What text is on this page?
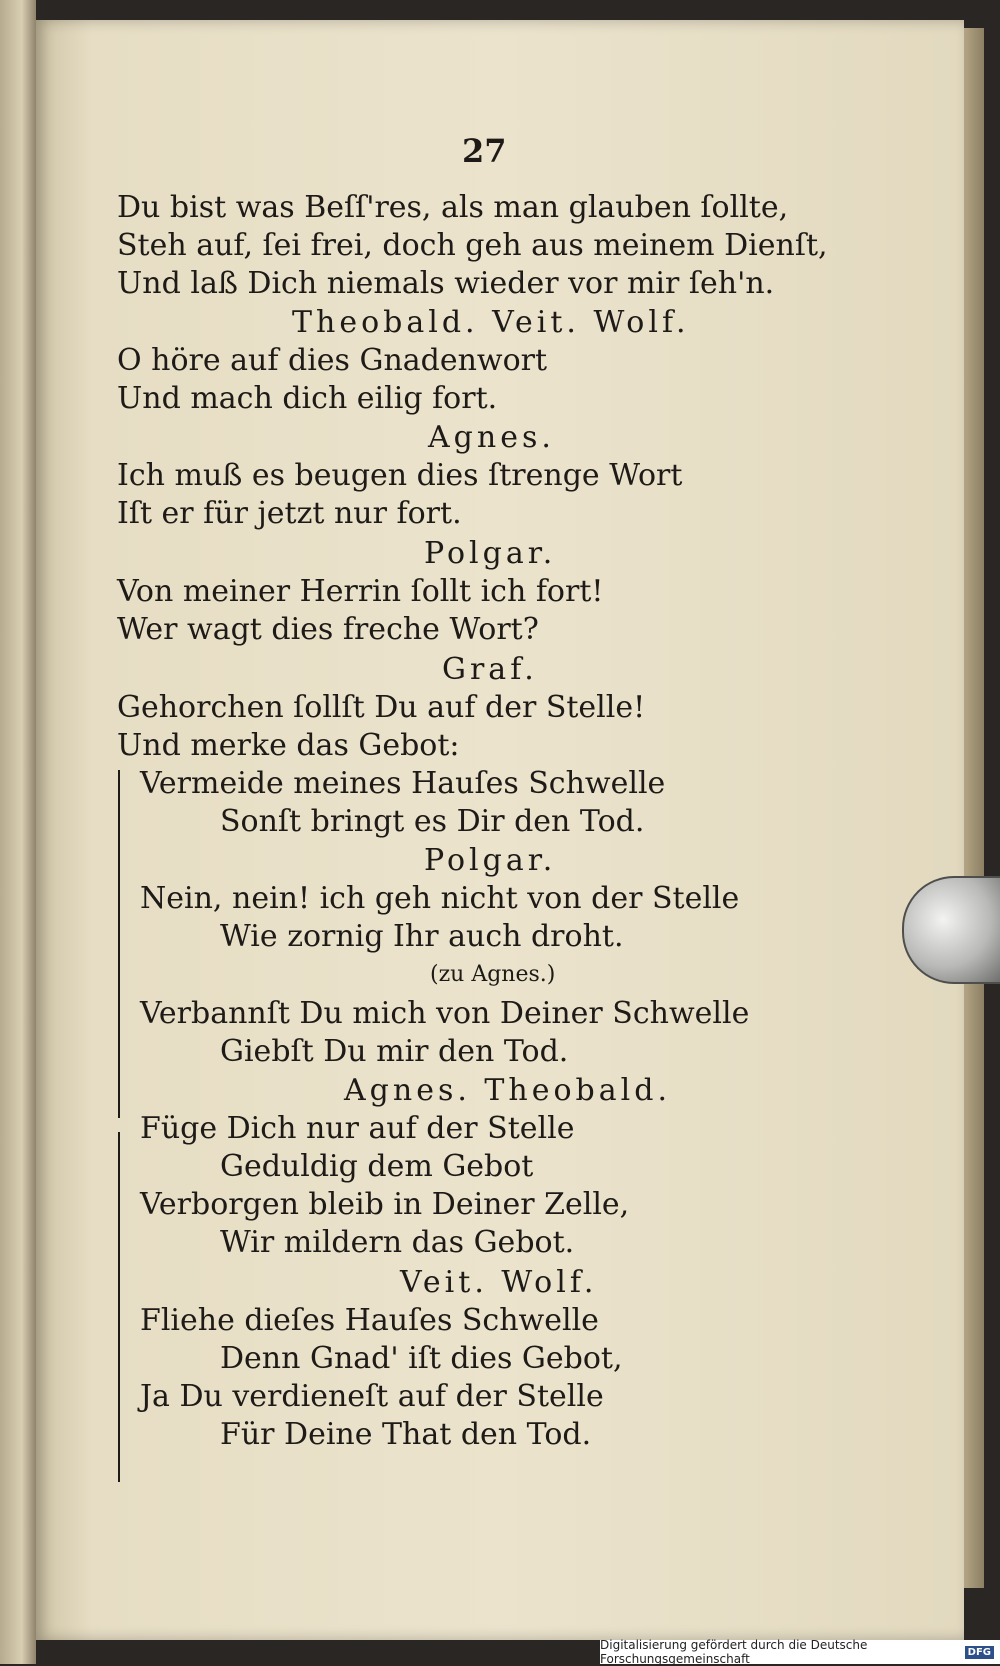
27
Du bist was Beſſ'res, als man glauben ſollte,
Steh auf, ſei frei, doch geh aus meinem Dienſt,
Und laß Dich niemals wieder vor mir ſeh'n.
Theobald. Veit. Wolf.
O höre auf dies Gnadenwort
Und mach dich eilig fort.
Agnes.
Ich muß es beugen dies ſtrenge Wort
Iſt er für jetzt nur fort.
Polgar.
Von meiner Herrin ſollt ich fort!
Wer wagt dies freche Wort?
Graf.
Gehorchen ſollſt Du auf der Stelle!
Und merke das Gebot:
Vermeide meines Hauſes Schwelle
Sonſt bringt es Dir den Tod.
Polgar.
Nein, nein! ich geh nicht von der Stelle
Wie zornig Ihr auch droht.
(zu Agnes.)
Verbannſt Du mich von Deiner Schwelle
Giebſt Du mir den Tod.
Agnes. Theobald.
Füge Dich nur auf der Stelle
Geduldig dem Gebot
Verborgen bleib in Deiner Zelle,
Wir mildern das Gebot.
Veit. Wolf.
Fliehe dieſes Hauſes Schwelle
Denn Gnad' iſt dies Gebot,
Ja Du verdieneſt auf der Stelle
Für Deine That den Tod.
Digitalisierung gefördert durch die Deutsche Forschungsgemeinschaft	DFG
